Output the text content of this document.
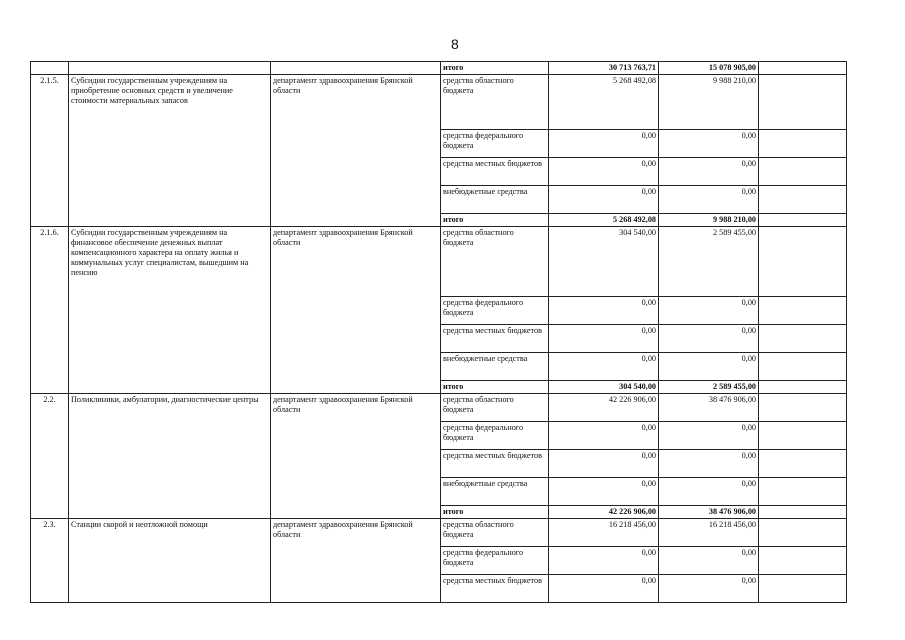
8
			итого	30 713 763,71	15 078 905,00	
2.1.5.	Субсидии государственным учреждениям на приобретение основных средств и увеличение стоимости материальных запасов	департамент здравоохранения Брянской области	средства областного бюджета	5 268 492,08	9 988 210,00	
			средства федерального бюджета	0,00	0,00	
			средства местных бюджетов	0,00	0,00	
			внебюджетные средства	0,00	0,00	
			итого	5 268 492,08	9 988 210,00	
2.1.6.	Субсидии государственным учреждениям на финансовое обеспечение денежных выплат компенсационного характера на оплату жилья и коммунальных услуг специалистам, вышедшим на пенсию	департамент здравоохранения Брянской области	средства областного бюджета	304 540,00	2 589 455,00	
			средства федерального бюджета	0,00	0,00	
			средства местных бюджетов	0,00	0,00	
			внебюджетные средства	0,00	0,00	
			итого	304 540,00	2 589 455,00	
2.2.	Поликлиники, амбулатории, диагностические центры	департамент здравоохранения Брянской области	средства областного бюджета	42 226 906,00	38 476 906,00	
			средства федерального бюджета	0,00	0,00	
			средства местных бюджетов	0,00	0,00	
			внебюджетные средства	0,00	0,00	
			итого	42 226 906,00	38 476 906,00	
2.3.	Станции скорой и неотложной помощи	департамент здравоохранения Брянской области	средства областного бюджета	16 218 456,00	16 218 456,00	
			средства федерального бюджета	0,00	0,00	
			средства местных бюджетов	0,00	0,00	
